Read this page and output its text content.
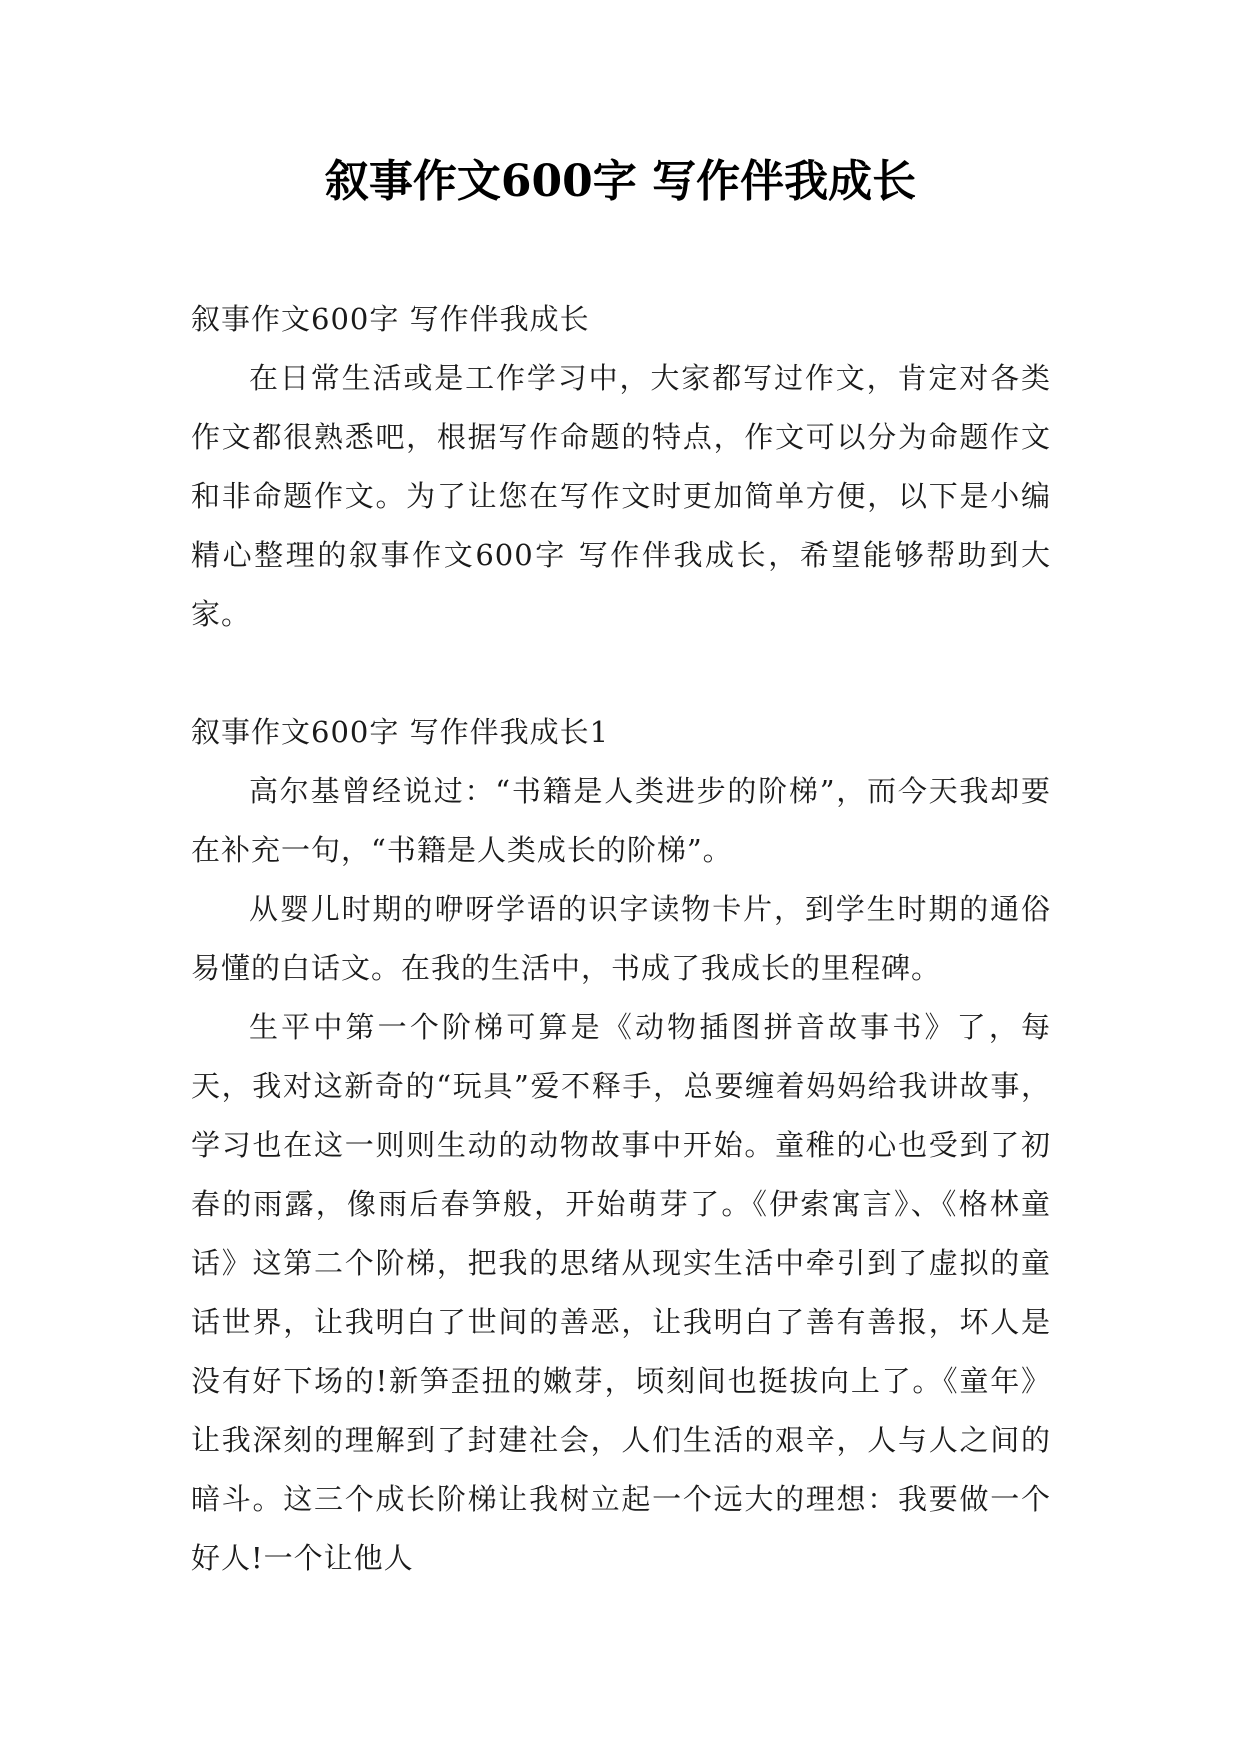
叙事作文600字 写作伴我成长

叙事作文600字 写作伴我成长

在日常生活或是工作学习中，大家都写过作文，肯定对各类作文都很熟悉吧，根据写作命题的特点，作文可以分为命题作文和非命题作文。为了让您在写作文时更加简单方便，以下是小编精心整理的叙事作文600字 写作伴我成长，希望能够帮助到大家。

叙事作文600字 写作伴我成长1

高尔基曾经说过：“书籍是人类进步的阶梯”，而今天我却要在补充一句，“书籍是人类成长的阶梯”。

从婴儿时期的咿呀学语的识字读物卡片，到学生时期的通俗易懂的白话文。在我的生活中，书成了我成长的里程碑。

生平中第一个阶梯可算是《动物插图拼音故事书》了，每天，我对这新奇的“玩具”爱不释手，总要缠着妈妈给我讲故事，学习也在这一则则生动的动物故事中开始。童稚的心也受到了初春的雨露，像雨后春笋般，开始萌芽了。《伊索寓言》、《格林童话》这第二个阶梯，把我的思绪从现实生活中牵引到了虚拟的童话世界，让我明白了世间的善恶，让我明白了善有善报，坏人是没有好下场的!新笋歪扭的嫩芽，顷刻间也挺拔向上了。《童年》让我深刻的理解到了封建社会，人们生活的艰辛，人与人之间的暗斗。这三个成长阶梯让我树立起一个远大的理想：我要做一个好人!一个让他人
